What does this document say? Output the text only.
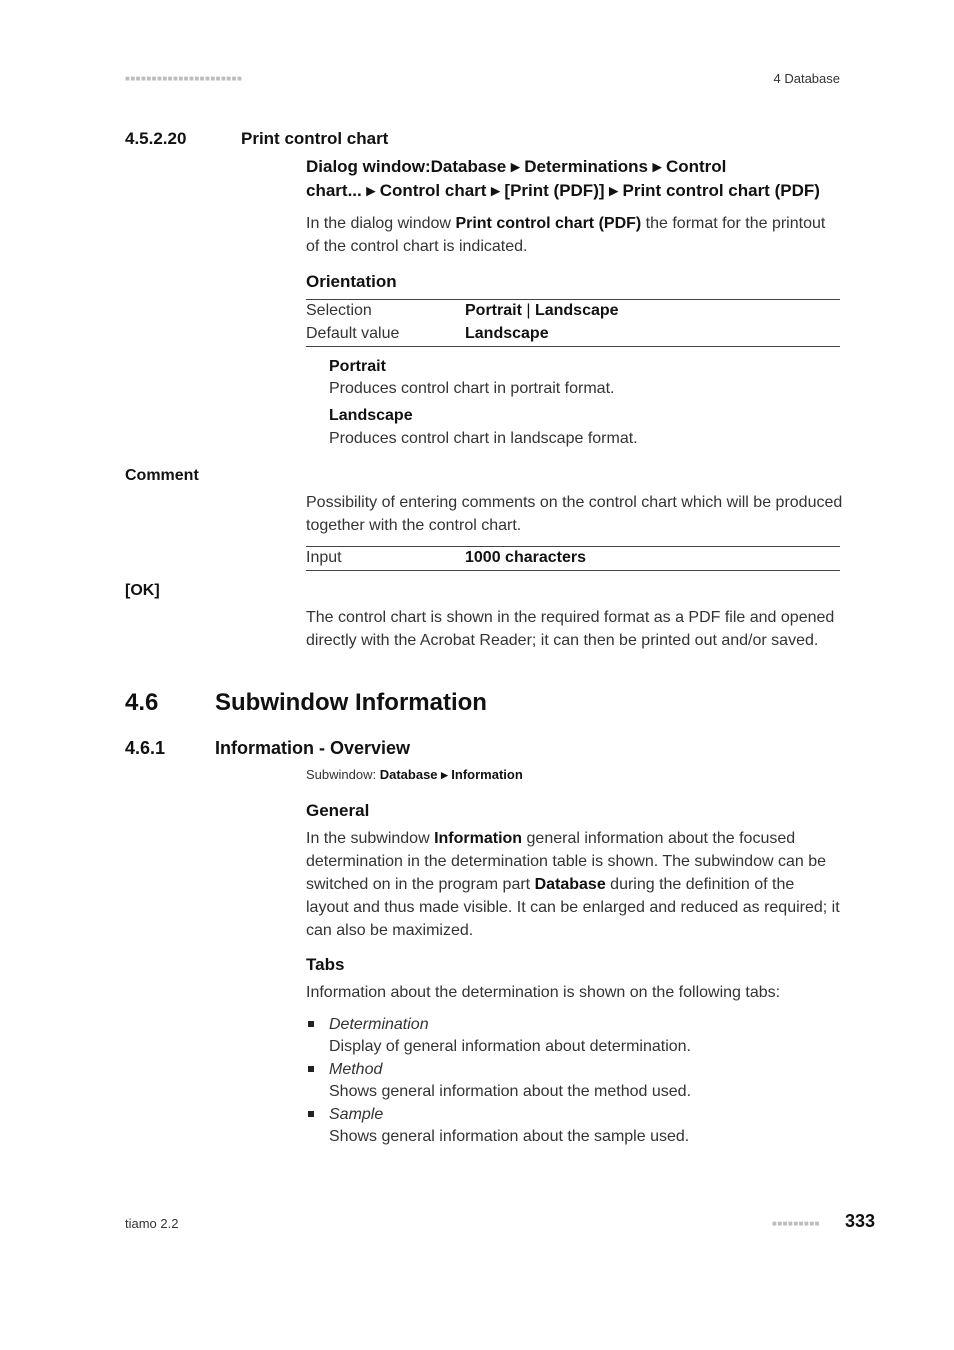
■■■■■■■■■■■■■■■■■■■■■■	4 Database
4.5.2.20	Print control chart
Dialog window:Database ▸ Determinations ▸ Control
chart... ▸ Control chart ▸ [Print (PDF)] ▸ Print control chart (PDF)
In the dialog window Print control chart (PDF) the format for the printout
of the control chart is indicated.
Orientation
Selection	Portrait | Landscape
Default value	Landscape
Portrait
Produces control chart in portrait format.
Landscape
Produces control chart in landscape format.
Comment
Possibility of entering comments on the control chart which will be produced
together with the control chart.
Input	1000 characters
[OK]
The control chart is shown in the required format as a PDF file and opened
directly with the Acrobat Reader; it can then be printed out and/or saved.
4.6 Subwindow Information
4.6.1	Information - Overview
Subwindow: Database ▸ Information
General
In the subwindow Information general information about the focused
determination in the determination table is shown. The subwindow can be
switched on in the program part Database during the definition of the
layout and thus made visible. It can be enlarged and reduced as required; it
can also be maximized.
Tabs
Information about the determination is shown on the following tabs:
Determination
Display of general information about determination.
Method
Shows general information about the method used.
Sample
Shows general information about the sample used.
tiamo 2.2	■■■■■■■■■ 333
